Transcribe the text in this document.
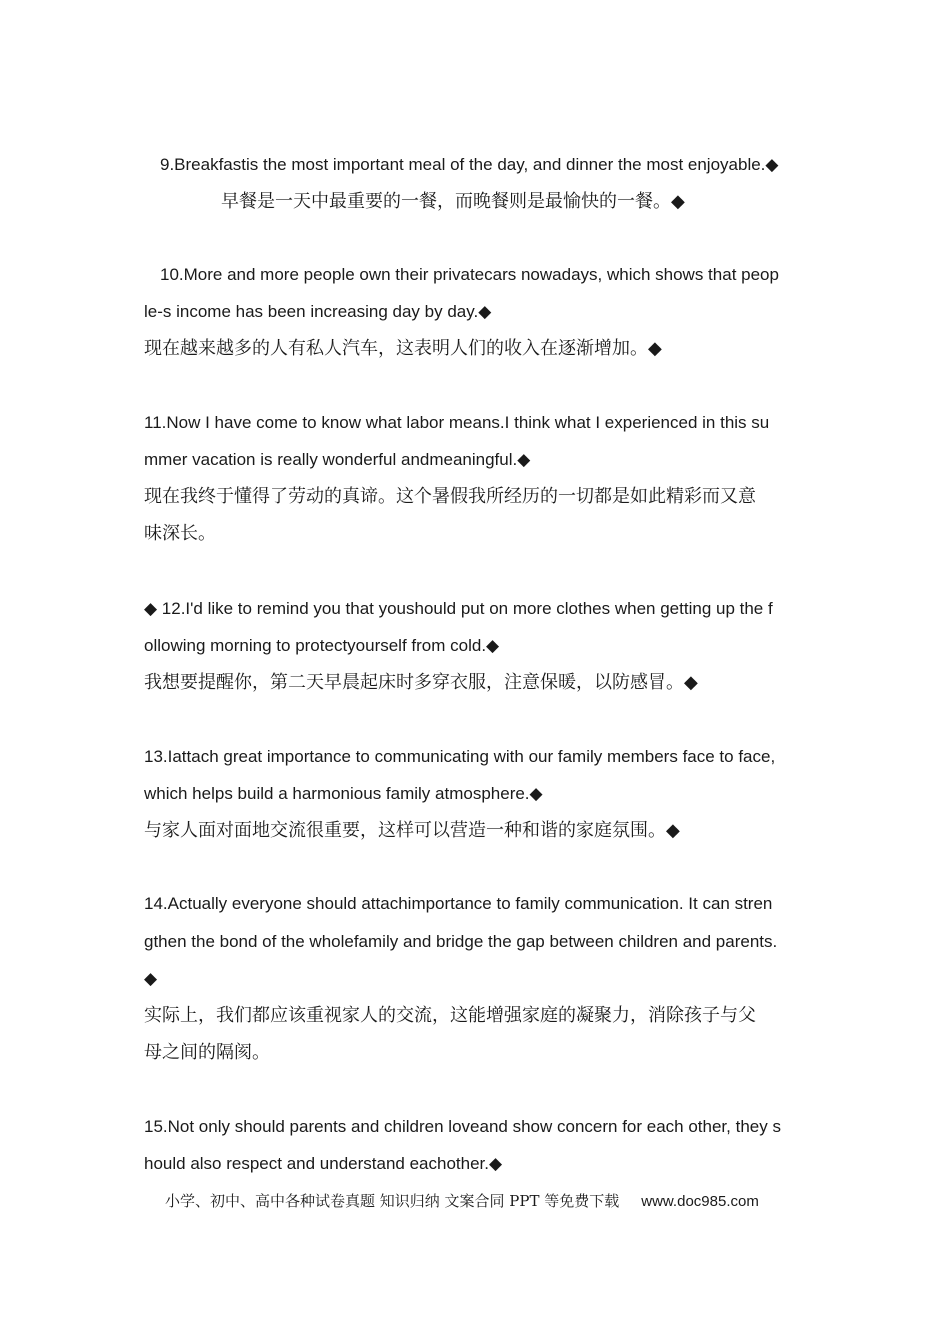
9.Breakfastis the most important meal of the day, and dinner the most enjoyable.◆
早餐是一天中最重要的一餐，而晚餐则是最愉快的一餐。◆
10.More and more people own their privatecars nowadays, which shows that peop
le-s income has been increasing day by day.◆
现在越来越多的人有私人汽车，这表明人们的收入在逐渐增加。◆
11.Now I have come to know what labor means.I think what I experienced in this su
mmer vacation is really wonderful andmeaningful.◆
现在我终于懂得了劳动的真谛。这个暑假我所经历的一切都是如此精彩而又意
味深长。
◆ 12.I'd like to remind you that youshould put on more clothes when getting up the f
ollowing morning to protectyourself from cold.◆
我想要提醒你，第二天早晨起床时多穿衣服，注意保暖，以防感冒。◆
13.Iattach great importance to communicating with our family members face to face,
which helps build a harmonious family atmosphere.◆
与家人面对面地交流很重要，这样可以营造一种和谐的家庭氛围。◆
14.Actually everyone should attachimportance to family communication. It can stren
gthen the bond of the wholefamily and bridge the gap between children and parents.
◆
实际上，我们都应该重视家人的交流，这能增强家庭的凝聚力，消除孩子与父
母之间的隔阂。
15.Not only should parents and children loveand show concern for each other, they s
hould also respect and understand eachother.◆
小学、初中、高中各种试卷真题 知识归纳 文案合同 PPT 等免费下载 www.doc985.com
